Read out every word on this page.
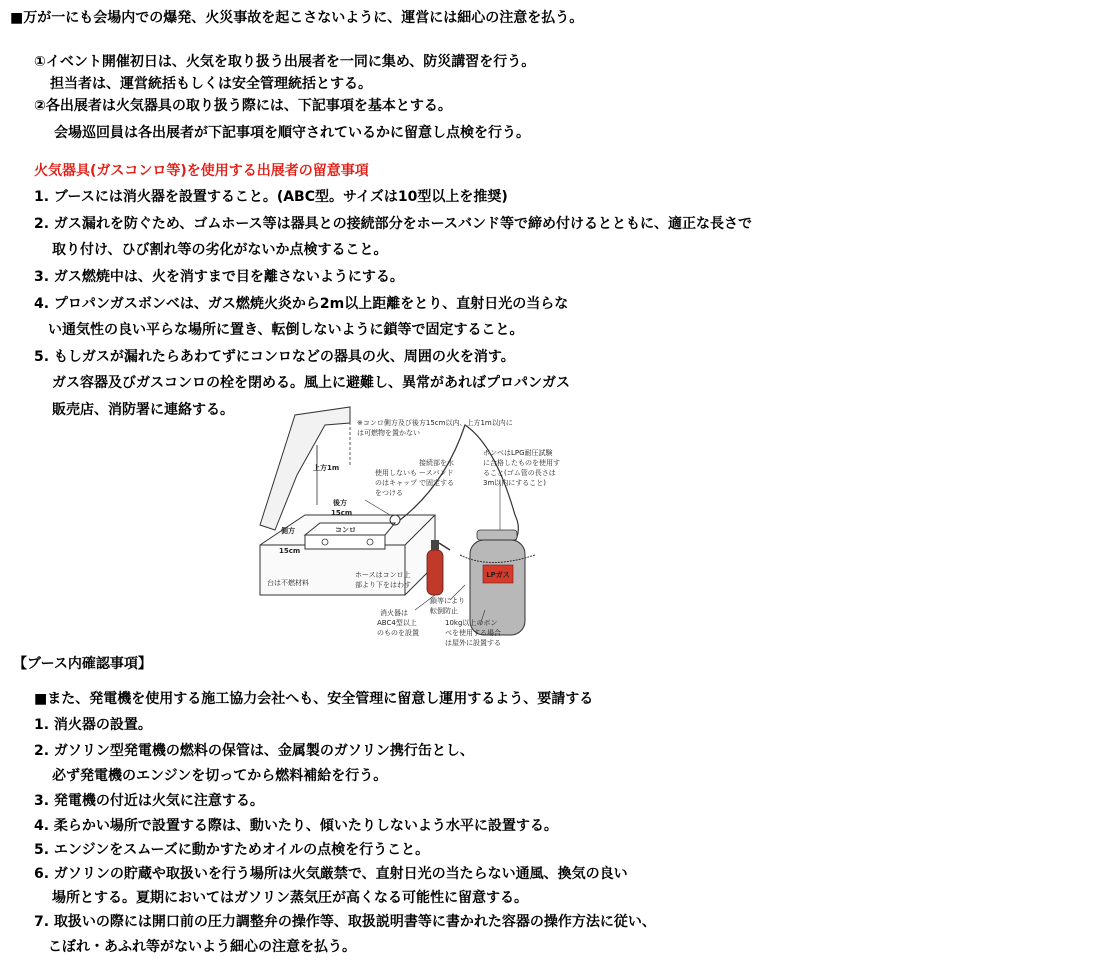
■万が一にも会場内での爆発、火災事故を起こさないように、運営には細心の注意を払う。
①イベント開催初日は、火気を取り扱う出展者を一同に集め、防災講習を行う。
担当者は、運営統括もしくは安全管理統括とする。
②各出展者は火気器具の取り扱う際には、下記事項を基本とする。
会場巡回員は各出展者が下記事項を順守されているかに留意し点検を行う。
火気器具(ガスコンロ等)を使用する出展者の留意事項
1. ブースには消火器を設置すること。(ABC型。サイズは10型以上を推奨)
2. ガス漏れを防ぐため、ゴムホース等は器具との接続部分をホースバンド等で締め付けるとともに、適正な長さで
取り付け、ひび割れ等の劣化がないか点検すること。
3. ガス燃焼中は、火を消すまで目を離さないようにする。
4. プロパンガスボンベは、ガス燃焼火炎から2m以上距離をとり、直射日光の当らな
い通気性の良い平らな場所に置き、転倒しないように鎖等で固定すること。
5. もしガスが漏れたらあわてずにコンロなどの器具の火、周囲の火を消す。
ガス容器及びガスコンロの栓を閉める。風上に避難し、異常があればプロパンガス
販売店、消防署に連絡する。
LPガス
※コンロ側方及び後方15cm以内、上方1m以内に
は可燃物を置かない
上方1m
使用しないも
のはキャップ
をつける
接続部を水
ースバンド
で固定する
ボンベはLPG耐圧試験
に合格したものを使用す
ること(ゴム管の長さは
3m以内にすること)
後方
15cm
側方
15cm
コンロ
台は不燃材料
ホースはコンロ上
部より下をはわす
消火器は
ABC4型以上
のものを設置
鎖等により
転倒防止
10kg以上のボン
べを使用する場合
は屋外に設置する
【ブース内確認事項】
■また、発電機を使用する施工協力会社へも、安全管理に留意し運用するよう、要請する
1. 消火器の設置。
2. ガソリン型発電機の燃料の保管は、金属製のガソリン携行缶とし、
必ず発電機のエンジンを切ってから燃料補給を行う。
3. 発電機の付近は火気に注意する。
4. 柔らかい場所で設置する際は、動いたり、傾いたりしないよう水平に設置する。
5. エンジンをスムーズに動かすためオイルの点検を行うこと。
6. ガソリンの貯蔵や取扱いを行う場所は火気厳禁で、直射日光の当たらない通風、換気の良い
場所とする。夏期においてはガソリン蒸気圧が高くなる可能性に留意する。
7. 取扱いの際には開口前の圧力調整弁の操作等、取扱説明書等に書かれた容器の操作方法に従い、
こぼれ・あふれ等がないよう細心の注意を払う。
